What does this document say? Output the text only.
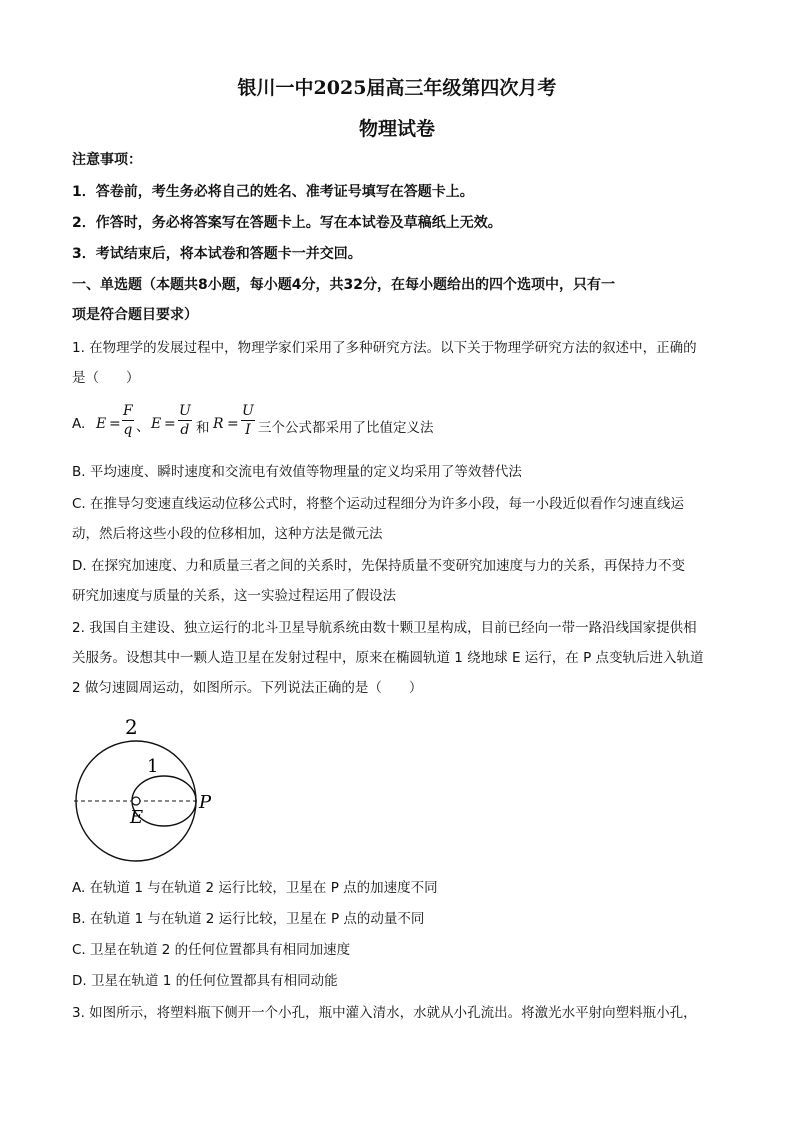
银川一中2025届高三年级第四次月考
物理试卷
注意事项：
1．答卷前，考生务必将自己的姓名、准考证号填写在答题卡上。
2．作答时，务必将答案写在答题卡上。写在本试卷及草稿纸上无效。
3．考试结束后，将本试卷和答题卡一并交回。
一、单选题（本题共8小题，每小题4分，共32分，在每小题给出的四个选项中，只有一
项是符合题目要求）
1. 在物理学的发展过程中，物理学家们采用了多种研究方法。以下关于物理学研究方法的叙述中，正确的
是（　　）
A. $E = \frac{F}{q}$ 、 $E = \frac{U}{d}$ 和 $R = \frac{U}{I}$ 三个公式都采用了比值定义法
B. 平均速度、瞬时速度和交流电有效值等物理量的定义均采用了等效替代法
C. 在推导匀变速直线运动位移公式时，将整个运动过程细分为许多小段，每一小段近似看作匀速直线运
动，然后将这些小段的位移相加，这种方法是微元法
D. 在探究加速度、力和质量三者之间的关系时，先保持质量不变研究加速度与力的关系，再保持力不变
研究加速度与质量的关系，这一实验过程运用了假设法
2. 我国自主建设、独立运行的北斗卫星导航系统由数十颗卫星构成，目前已经向一带一路沿线国家提供相
关服务。设想其中一颗人造卫星在发射过程中，原来在椭圆轨道 1 绕地球 E 运行，在 P 点变轨后进入轨道
2 做匀速圆周运动，如图所示。下列说法正确的是（　　）
2
1
E
P
A. 在轨道 1 与在轨道 2 运行比较，卫星在 P 点的加速度不同
B. 在轨道 1 与在轨道 2 运行比较，卫星在 P 点的动量不同
C. 卫星在轨道 2 的任何位置都具有相同加速度
D. 卫星在轨道 1 的任何位置都具有相同动能
3. 如图所示，将塑料瓶下侧开一个小孔，瓶中灌入清水，水就从小孔流出。将激光水平射向塑料瓶小孔，
